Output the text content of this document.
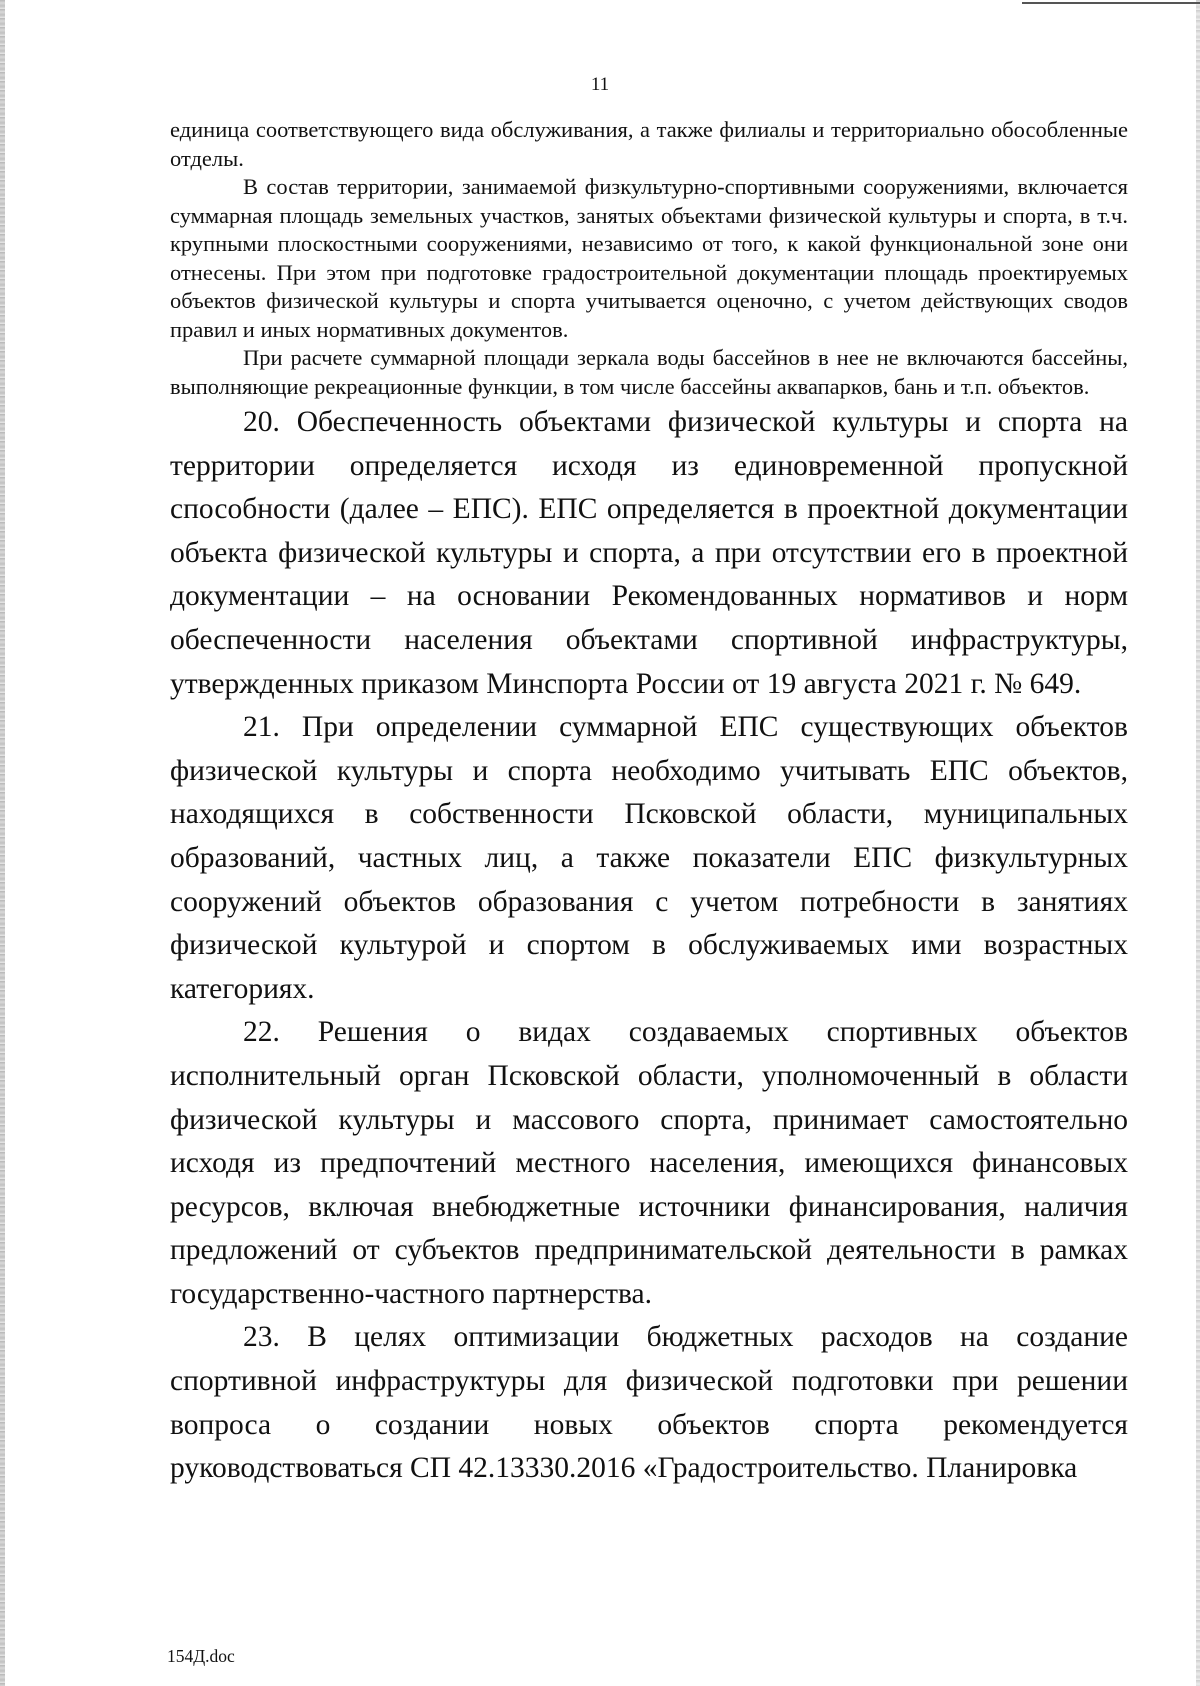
11

единица соответствующего вида обслуживания, а также филиалы и территориально обособленные отделы.

В состав территории, занимаемой физкультурно-спортивными сооружениями, включается суммарная площадь земельных участков, занятых объектами физической культуры и спорта, в т.ч. крупными плоскостными сооружениями, независимо от того, к какой функциональной зоне они отнесены. При этом при подготовке градостроительной документации площадь проектируемых объектов физической культуры и спорта учитывается оценочно, с учетом действующих сводов правил и иных нормативных документов.

При расчете суммарной площади зеркала воды бассейнов в нее не включаются бассейны, выполняющие рекреационные функции, в том числе бассейны аквапарков, бань и т.п. объектов.

20. Обеспеченность объектами физической культуры и спорта на территории определяется исходя из единовременной пропускной способности (далее – ЕПС). ЕПС определяется в проектной документации объекта физической культуры и спорта, а при отсутствии его в проектной документации – на основании Рекомендованных нормативов и норм обеспеченности населения объектами спортивной инфраструктуры, утвержденных приказом Минспорта России от 19 августа 2021 г. № 649.

21. При определении суммарной ЕПС существующих объектов физической культуры и спорта необходимо учитывать ЕПС объектов, находящихся в собственности Псковской области, муниципальных образований, частных лиц, а также показатели ЕПС физкультурных сооружений объектов образования с учетом потребности в занятиях физической культурой и спортом в обслуживаемых ими возрастных категориях.

22. Решения о видах создаваемых спортивных объектов исполнительный орган Псковской области, уполномоченный в области физической культуры и массового спорта, принимает самостоятельно исходя из предпочтений местного населения, имеющихся финансовых ресурсов, включая внебюджетные источники финансирования, наличия предложений от субъектов предпринимательской деятельности в рамках государственно-частного партнерства.

23. В целях оптимизации бюджетных расходов на создание спортивной инфраструктуры для физической подготовки при решении вопроса о создании новых объектов спорта рекомендуется руководствоваться СП 42.13330.2016 «Градостроительство. Планировка

154Д.doc
